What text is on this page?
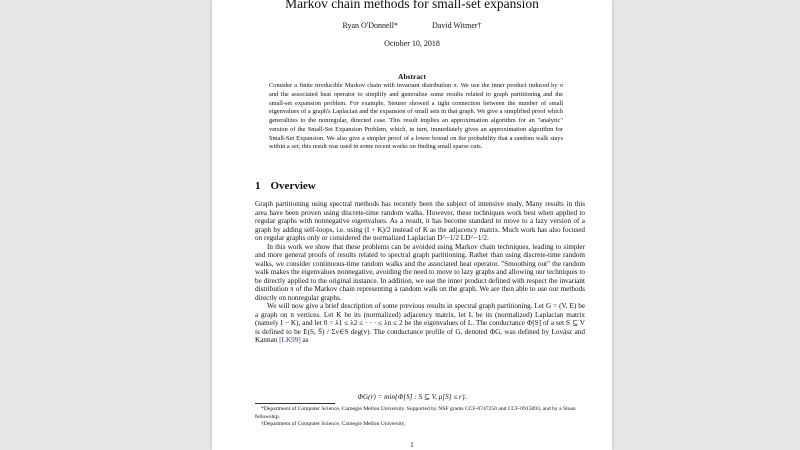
Markov chain methods for small-set expansion
Ryan O'Donnell*	David Witmer†
October 10, 2018
Abstract
Consider a finite irreducible Markov chain with invariant distribution π. We use the inner product induced by π and the associated heat operator to simplify and generalize some results related to graph partitioning and the small-set expansion problem. For example, Steurer showed a tight connection between the number of small eigenvalues of a graph's Laplacian and the expansion of small sets in that graph. We give a simplified proof which generalizes to the nonregular, directed case. This result implies an approximation algorithm for an "analytic" version of the Small-Set Expansion Problem, which, in turn, immediately gives an approximation algorithm for Small-Set Expansion. We also give a simpler proof of a lower bound on the probability that a random walk stays within a set; this result was used in some recent works on finding small sparse cuts.
1 Overview

Graph partitioning using spectral methods has recently been the subject of intensive study. Many results in this area have been proven using discrete-time random walks. However, these techniques work best when applied to regular graphs with nonnegative eigenvalues. As a result, it has become standard to move to a lazy version of a graph by adding self-loops, i.e. using (I + K)/2 instead of K as the adjacency matrix. Much work has also focused on regular graphs only or considered the normalized Laplacian D^−1/2 LD^−1/2.

In this work we show that these problems can be avoided using Markov chain techniques, leading to simpler and more general proofs of results related to spectral graph partitioning. Rather than using discrete-time random walks, we consider continuous-time random walks and the associated heat operator. "Smoothing out" the random walk makes the eigenvalues nonnegative, avoiding the need to move to lazy graphs and allowing our techniques to be directly applied to the original instance. In addition, we use the inner product defined with respect the invariant distribution π of the Markov chain representing a random walk on the graph. We are then able to use our methods directly on nonregular graphs.

We will now give a brief description of some previous results in spectral graph partitioning. Let G = (V, E) be a graph on n vertices. Let K be its (normalized) adjacency matrix, let L be its (normalized) Laplacian matrix (namely I − K), and let 0 = λ1 ≤ λ2 ≤ · · · ≤ λn ≤ 2 be the eigenvalues of L. The conductance Φ[S] of a set S ⊆ V is defined to be E(S, S̄) / Σv∈S deg(v). The conductance profile of G, denoted ΦG, was defined by Lovász and Kannan [LK99] as

ΦG(r) = min{Φ[S] : S ⊆ V, μ[S] ≤ r}.
*Department of Computer Science, Carnegie Mellon University. Supported by NSF grants CCF-0747250 and CCF-0915893, and by a Sloan fellowship.
†Department of Computer Science, Carnegie Mellon University.
1
